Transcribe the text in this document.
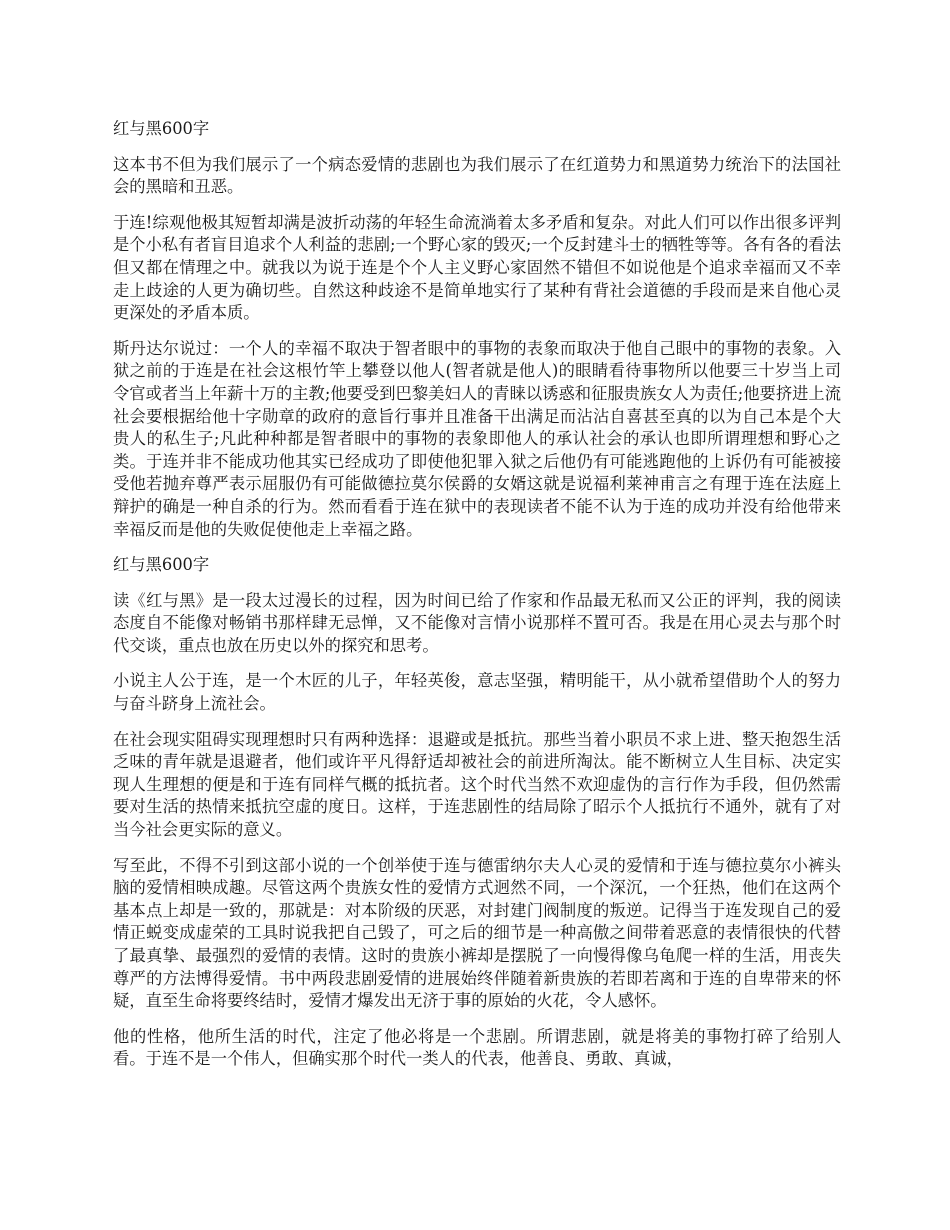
红与黑600字
这本书不但为我们展示了一个病态爱情的悲剧也为我们展示了在红道势力和黑道势力统治下的法国社会的黑暗和丑恶。
于连!综观他极其短暂却满是波折动荡的年轻生命流淌着太多矛盾和复杂。对此人们可以作出很多评判是个小私有者盲目追求个人利益的悲剧;一个野心家的毁灭;一个反封建斗士的牺牲等等。各有各的看法但又都在情理之中。就我以为说于连是个个人主义野心家固然不错但不如说他是个追求幸福而又不幸走上歧途的人更为确切些。自然这种歧途不是简单地实行了某种有背社会道德的手段而是来自他心灵更深处的矛盾本质。
斯丹达尔说过：一个人的幸福不取决于智者眼中的事物的表象而取决于他自己眼中的事物的表象。入狱之前的于连是在社会这根竹竿上攀登以他人(智者就是他人)的眼睛看待事物所以他要三十岁当上司令官或者当上年薪十万的主教;他要受到巴黎美妇人的青睐以诱惑和征服贵族女人为责任;他要挤进上流社会要根据给他十字勋章的政府的意旨行事并且准备干出满足而沾沾自喜甚至真的以为自己本是个大贵人的私生子;凡此种种都是智者眼中的事物的表象即他人的承认社会的承认也即所谓理想和野心之类。于连并非不能成功他其实已经成功了即使他犯罪入狱之后他仍有可能逃跑他的上诉仍有可能被接受他若抛弃尊严表示屈服仍有可能做德拉莫尔侯爵的女婿这就是说福利莱神甫言之有理于连在法庭上辩护的确是一种自杀的行为。然而看看于连在狱中的表现读者不能不认为于连的成功并没有给他带来幸福反而是他的失败促使他走上幸福之路。
红与黑600字
读《红与黑》是一段太过漫长的过程，因为时间已给了作家和作品最无私而又公正的评判，我的阅读态度自不能像对畅销书那样肆无忌惮，又不能像对言情小说那样不置可否。我是在用心灵去与那个时代交谈，重点也放在历史以外的探究和思考。
小说主人公于连，是一个木匠的儿子，年轻英俊，意志坚强，精明能干，从小就希望借助个人的努力与奋斗跻身上流社会。
在社会现实阻碍实现理想时只有两种选择：退避或是抵抗。那些当着小职员不求上进、整天抱怨生活乏味的青年就是退避者，他们或许平凡得舒适却被社会的前进所淘汰。能不断树立人生目标、决定实现人生理想的便是和于连有同样气概的抵抗者。这个时代当然不欢迎虚伪的言行作为手段，但仍然需要对生活的热情来抵抗空虚的度日。这样，于连悲剧性的结局除了昭示个人抵抗行不通外，就有了对当今社会更实际的意义。
写至此，不得不引到这部小说的一个创举使于连与德雷纳尔夫人心灵的爱情和于连与德拉莫尔小裤头脑的爱情相映成趣。尽管这两个贵族女性的爱情方式迥然不同，一个深沉，一个狂热，他们在这两个基本点上却是一致的，那就是：对本阶级的厌恶，对封建门阀制度的叛逆。记得当于连发现自己的爱情正蜕变成虚荣的工具时说我把自己毁了，可之后的细节是一种高傲之间带着恶意的表情很快的代替了最真挚、最强烈的爱情的表情。这时的贵族小裤却是摆脱了一向慢得像乌龟爬一样的生活，用丧失尊严的方法博得爱情。书中两段悲剧爱情的进展始终伴随着新贵族的若即若离和于连的自卑带来的怀疑，直至生命将要终结时，爱情才爆发出无济于事的原始的火花，令人感怀。
他的性格，他所生活的时代，注定了他必将是一个悲剧。所谓悲剧，就是将美的事物打碎了给别人看。于连不是一个伟人，但确实那个时代一类人的代表，他善良、勇敢、真诚，
